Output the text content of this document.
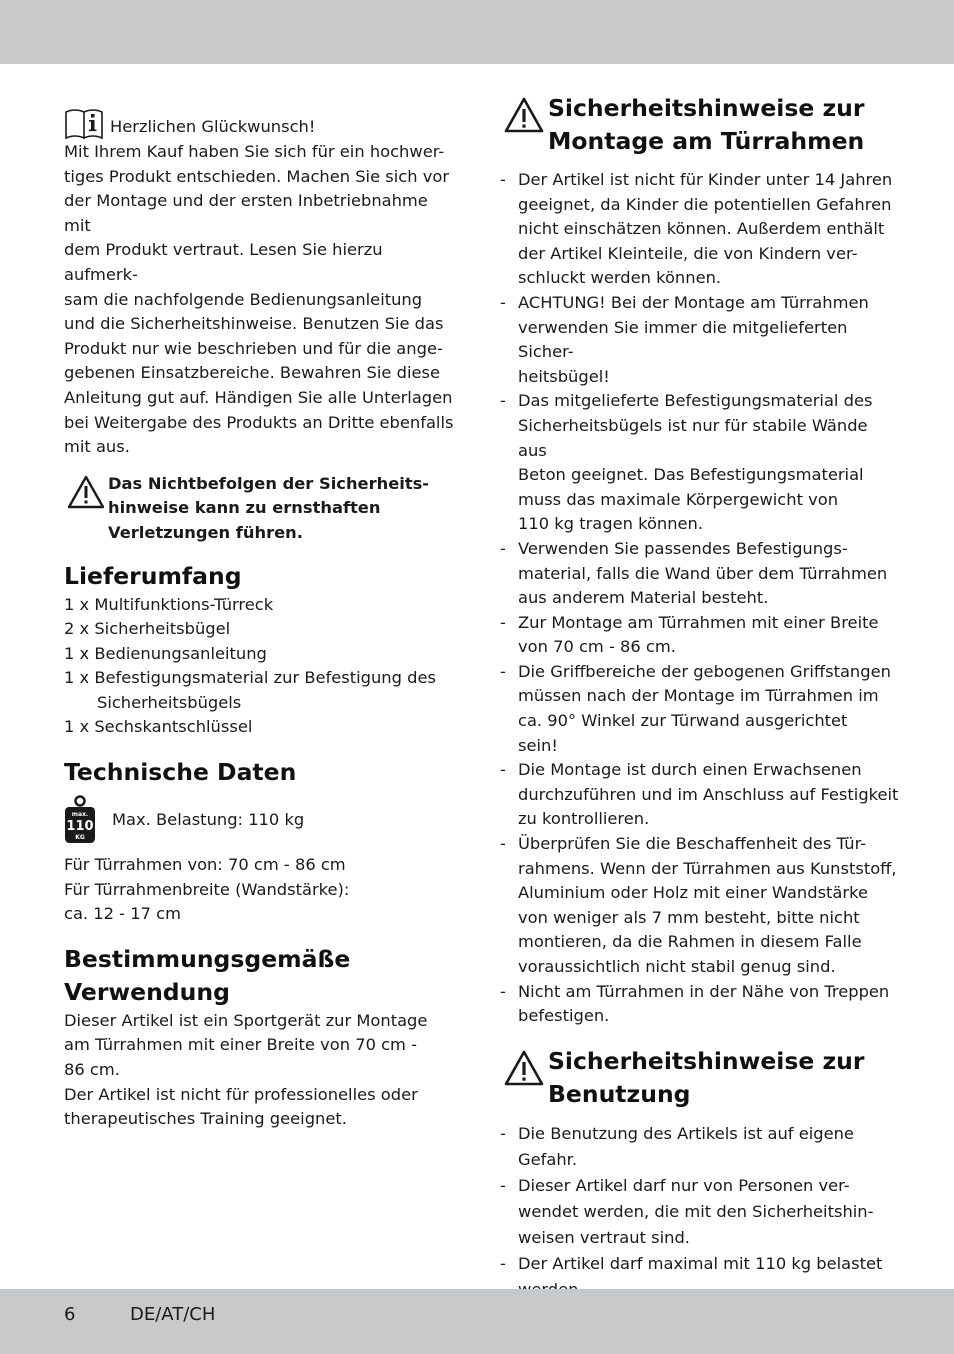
Herzlichen Glückwunsch!

Mit Ihrem Kauf haben Sie sich für ein hochwer-

tiges Produkt entschieden. Machen Sie sich vor

der Montage und der ersten Inbetriebnahme mit

dem Produkt vertraut. Lesen Sie hierzu aufmerk-

sam die nachfolgende Bedienungsanleitung

und die Sicherheitshinweise. Benutzen Sie das

Produkt nur wie beschrieben und für die ange-

gebenen Einsatzbereiche. Bewahren Sie diese

Anleitung gut auf. Händigen Sie alle Unterlagen

bei Weitergabe des Produkts an Dritte ebenfalls

mit aus.

Das Nichtbefolgen der Sicherheits-
hinweise kann zu ernsthaften
Verletzungen führen.
Lieferumfang
1 x Multifunktions-Türreck
2 x Sicherheitsbügel
1 x Bedienungsanleitung
1 x Befestigungsmaterial zur Befestigung des Sicherheitsbügels
1 x Sechskantschlüssel
Technische Daten
max.
110
KG

Max. Belastung: 110 kg

Für Türrahmen von: 70 cm - 86 cm

Für Türrahmenbreite (Wandstärke):

ca. 12 - 17 cm

Bestimmungsgemäße
Verwendung

Dieser Artikel ist ein Sportgerät zur Montage

am Türrahmen mit einer Breite von 70 cm -

86 cm.

Der Artikel ist nicht für professionelles oder

therapeutisches Training geeignet.

Sicherheitshinweise zur
Montage am Türrahmen
- Der Artikel ist nicht für Kinder unter 14 Jahren
geeignet, da Kinder die potentiellen Gefahren
nicht einschätzen können. Außerdem enthält
der Artikel Kleinteile, die von Kindern ver-
schluckt werden können.
- ACHTUNG! Bei der Montage am Türrahmen
verwenden Sie immer die mitgelieferten Sicher-
heitsbügel!
- Das mitgelieferte Befestigungsmaterial des
Sicherheitsbügels ist nur für stabile Wände aus
Beton geeignet. Das Befestigungsmaterial
muss das maximale Körpergewicht von
110 kg tragen können.
- Verwenden Sie passendes Befestigungs-
material, falls die Wand über dem Türrahmen
aus anderem Material besteht.
- Zur Montage am Türrahmen mit einer Breite
von 70 cm - 86 cm.
- Die Griffbereiche der gebogenen Griffstangen
müssen nach der Montage im Türrahmen im
ca. 90° Winkel zur Türwand ausgerichtet
sein!
- Die Montage ist durch einen Erwachsenen
durchzuführen und im Anschluss auf Festigkeit
zu kontrollieren.
- Überprüfen Sie die Beschaffenheit des Tür-
rahmens. Wenn der Türrahmen aus Kunststoff,
Aluminium oder Holz mit einer Wandstärke
von weniger als 7 mm besteht, bitte nicht
montieren, da die Rahmen in diesem Falle
voraussichtlich nicht stabil genug sind.
- Nicht am Türrahmen in der Nähe von Treppen
befestigen.
Sicherheitshinweise zur
Benutzung
- Die Benutzung des Artikels ist auf eigene
Gefahr.
- Dieser Artikel darf nur von Personen ver-
wendet werden, die mit den Sicherheitshin-
weisen vertraut sind.
- Der Artikel darf maximal mit 110 kg belastet
6	DE/AT/CH
